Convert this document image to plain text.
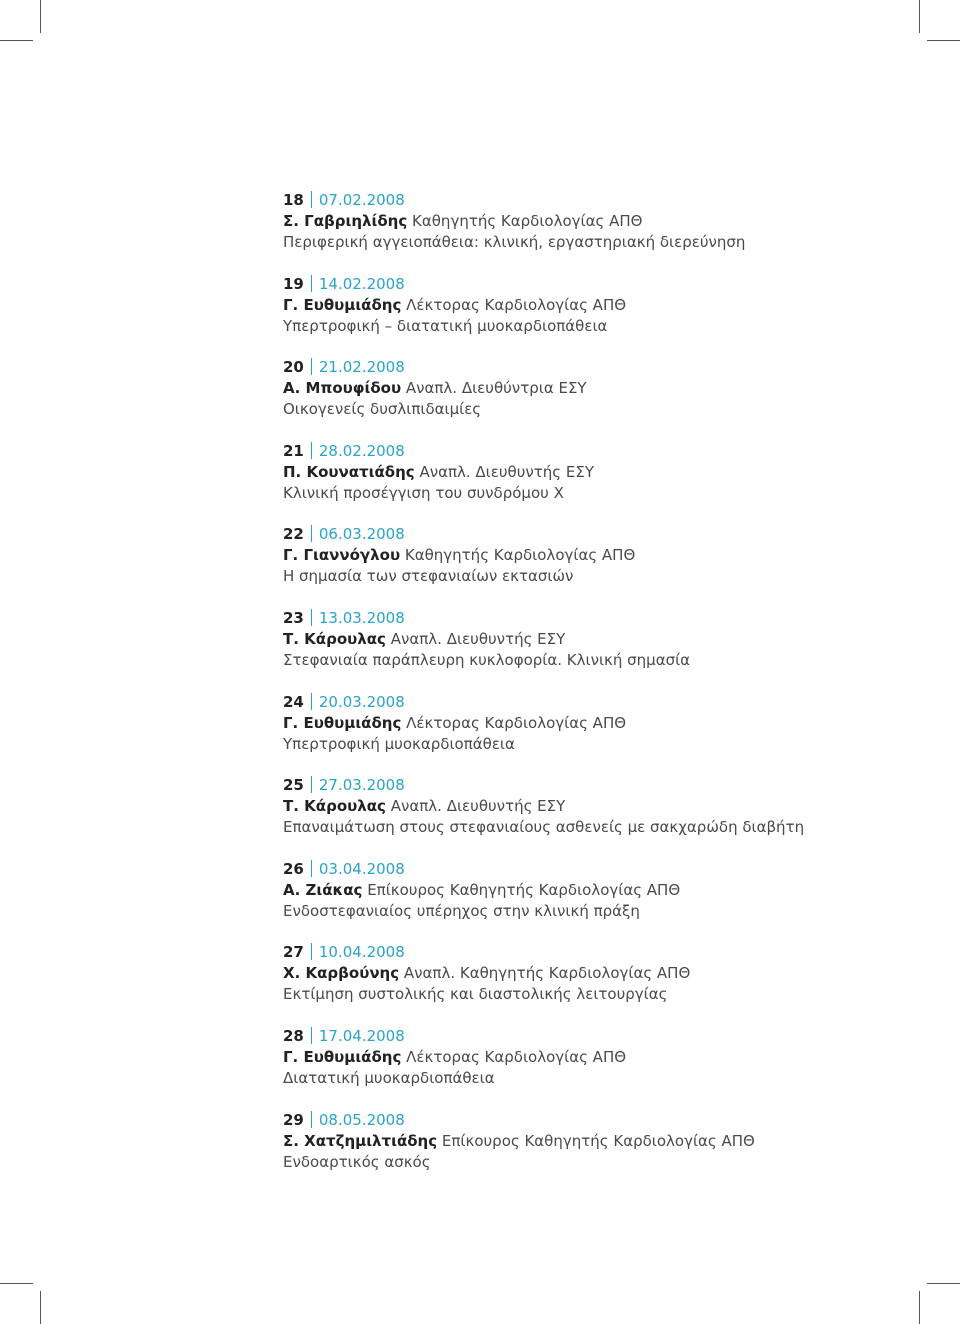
18 07.02.2008
Σ. Γαβριηλίδης Καθηγητής Καρδιολογίας ΑΠΘ
Περιφερική αγγειοπάθεια: κλινική, εργαστηριακή διερεύνηση
19 14.02.2008
Γ. Ευθυμιάδης Λέκτορας Καρδιολογίας ΑΠΘ
Υπερτροφική – διατατική μυοκαρδιοπάθεια
20 21.02.2008
Α. Μπουφίδου Αναπλ. Διευθύντρια ΕΣΥ
Οικογενείς δυσλιπιδαιμίες
21 28.02.2008
Π. Κουνατιάδης Αναπλ. Διευθυντής ΕΣΥ
Κλινική προσέγγιση του συνδρόμου Χ
22 06.03.2008
Γ. Γιαννόγλου Καθηγητής Καρδιολογίας ΑΠΘ
Η σημασία των στεφανιαίων εκτασιών
23 13.03.2008
Τ. Κάρουλας Αναπλ. Διευθυντής ΕΣΥ
Στεφανιαία παράπλευρη κυκλοφορία. Κλινική σημασία
24 20.03.2008
Γ. Ευθυμιάδης Λέκτορας Καρδιολογίας ΑΠΘ
Υπερτροφική μυοκαρδιοπάθεια
25 27.03.2008
Τ. Κάρουλας Αναπλ. Διευθυντής ΕΣΥ
Επαναιμάτωση στους στεφανιαίους ασθενείς με σακχαρώδη διαβήτη
26 03.04.2008
Α. Ζιάκας Επίκουρος Καθηγητής Καρδιολογίας ΑΠΘ
Ενδοστεφανιαίος υπέρηχος στην κλινική πράξη
27 10.04.2008
Χ. Καρβούνης Αναπλ. Καθηγητής Καρδιολογίας ΑΠΘ
Εκτίμηση συστολικής και διαστολικής λειτουργίας
28 17.04.2008
Γ. Ευθυμιάδης Λέκτορας Καρδιολογίας ΑΠΘ
Διατατική μυοκαρδιοπάθεια
29 08.05.2008
Σ. Χατζημιλτιάδης Επίκουρος Καθηγητής Καρδιολογίας ΑΠΘ
Ενδοαρτικός ασκός
